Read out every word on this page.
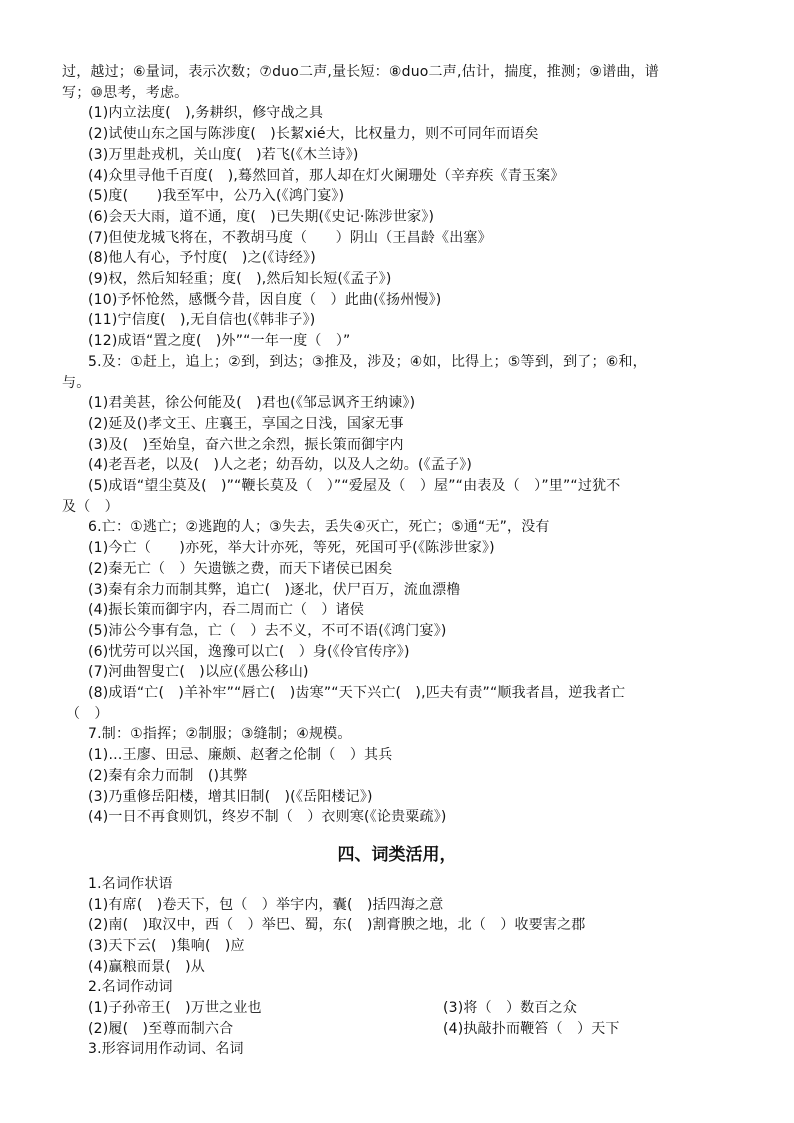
过，越过；⑥量词，表示次数；⑦duo二声,量长短：⑧duo二声,估计，揣度，推测；⑨谱曲，谱
写；⑩思考，考虑。
(1)内立法度(　),务耕织，修守战之具
(2)试使山东之国与陈涉度(　)长絜xié大，比权量力，则不可同年而语矣
(3)万里赴戎机，关山度(　)若飞(《木兰诗》)
(4)众里寻他千百度(　),蓦然回首，那人却在灯火阑珊处（辛弃疾《青玉案》
(5)度(　　)我至军中，公乃入(《鸿门宴》)
(6)会天大雨，道不通，度(　)已失期(《史记·陈涉世家》)
(7)但使龙城飞将在，不教胡马度（　　）阴山（王昌龄《出塞》
(8)他人有心，予忖度(　)之(《诗经》)
(9)权，然后知轻重；度(　),然后知长短(《孟子》)
(10)予怀怆然，感慨今昔，因自度（　）此曲(《扬州慢》)
(11)宁信度(　),无自信也(《韩非子》)
(12)成语“置之度(　)外”“一年一度（　）”
5.及：①赶上，追上；②到，到达；③推及，涉及；④如，比得上；⑤等到，到了；⑥和，
与。
(1)君美甚，徐公何能及(　)君也(《邹忌讽齐王纳谏》)
(2)延及()孝文王、庄襄王，享国之日浅，国家无事
(3)及(　)至始皇，奋六世之余烈，振长策而御宇内
(4)老吾老，以及(　)人之老；幼吾幼，以及人之幼。(《孟子》)
(5)成语“望尘莫及(　)”“鞭长莫及（　）”“爱屋及（　）屋”“由表及（　）”里”“过犹不
及（　）
6.亡：①逃亡；②逃跑的人；③失去，丢失④灭亡，死亡；⑤通“无”，没有
(1)今亡（　　)亦死，举大计亦死，等死，死国可乎(《陈涉世家》)
(2)秦无亡（　）矢遗镞之费，而天下诸侯已困矣
(3)秦有余力而制其弊，追亡(　)逐北，伏尸百万，流血漂橹
(4)振长策而御宇内，吞二周而亡（　）诸侯
(5)沛公今事有急，亡（　）去不义，不可不语(《鸿门宴》)
(6)忧劳可以兴国，逸豫可以亡(　）身(《伶官传序》)
(7)河曲智叟亡(　)以应(《愚公移山)
(8)成语“亡(　)羊补牢”“唇亡(　)齿寒”“天下兴亡(　),匹夫有责”“顺我者昌，逆我者亡
（　）
7.制：①指挥；②制服；③缝制；④规模。
(1)…王廖、田忌、廉颇、赵奢之伦制（　）其兵
(2)秦有余力而制　()其弊
(3)乃重修岳阳楼，增其旧制(　)(《岳阳楼记》)
(4)一日不再食则饥，终岁不制（　）衣则寒(《论贵粟疏》)
四、词类活用，
1.名词作状语
(1)有席(　)卷天下，包（　）举宇内，囊(　)括四海之意
(2)南(　)取汉中，西（　）举巴、蜀，东(　)割膏腴之地，北（　）收要害之郡
(3)天下云(　)集响(　)应
(4)赢粮而景(　)从
2.名词作动词
(1)子孙帝王(　)万世之业也	(3)将（　）数百之众
(2)履(　)至尊而制六合	(4)执敲扑而鞭笞（　）天下
3.形容词用作动词、名词
